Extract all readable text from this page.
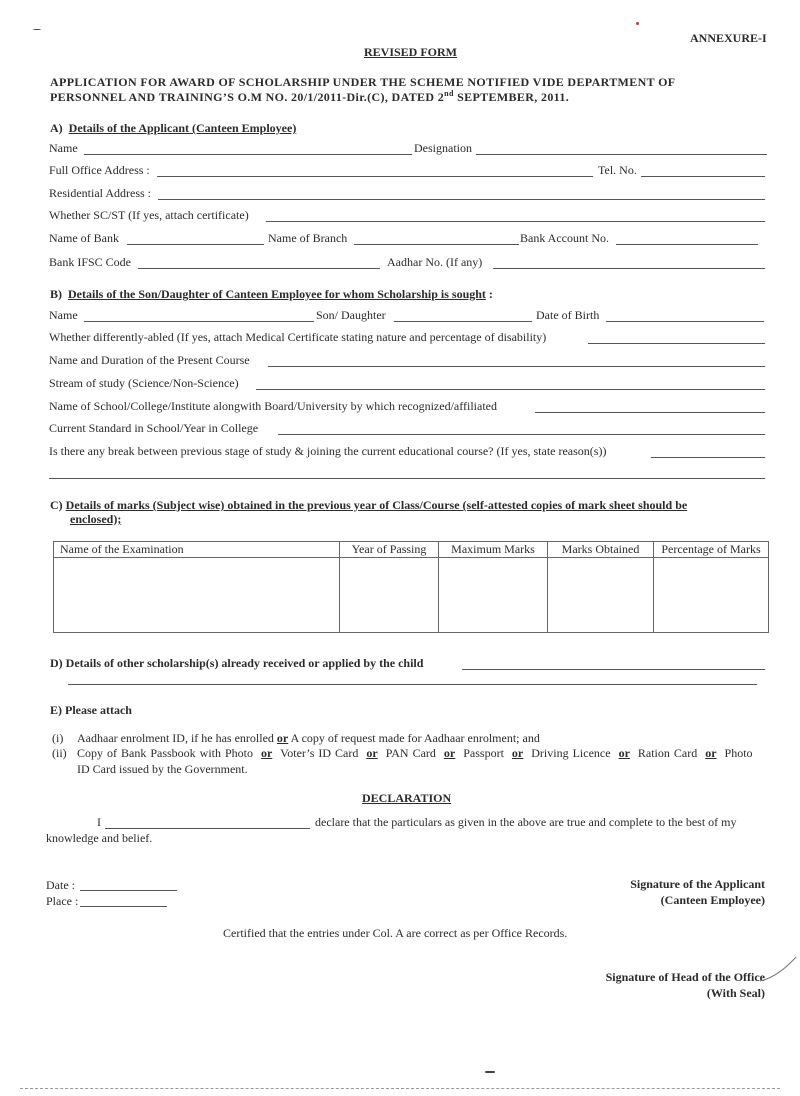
ANNEXURE-I
REVISED FORM
APPLICATION FOR AWARD OF SCHOLARSHIP UNDER THE SCHEME NOTIFIED VIDE DEPARTMENT OF
PERSONNEL AND TRAINING’S O.M NO. 20/1/2011-Dir.(C), DATED 2nd SEPTEMBER, 2011.
A) Details of the Applicant (Canteen Employee)
Name	Designation
Full Office Address :	Tel. No.
Residential Address :
Whether SC/ST (If yes, attach certificate)
Name of Bank	Name of Branch	Bank Account No.
Bank IFSC Code	Aadhar No. (If any)
B) Details of the Son/Daughter of Canteen Employee for whom Scholarship is sought :
Name	Son/ Daughter	Date of Birth
Whether differently-abled (If yes, attach Medical Certificate stating nature and percentage of disability)
Name and Duration of the Present Course
Stream of study (Science/Non-Science)
Name of School/College/Institute alongwith Board/University by which recognized/affiliated
Current Standard in School/Year in College
Is there any break between previous stage of study & joining the current educational course? (If yes, state reason(s))
C) Details of marks (Subject wise) obtained in the previous year of Class/Course (self-attested copies of mark sheet should be
enclosed);
Name of the Examination	Year of Passing	Maximum Marks	Marks Obtained	Percentage of Marks

D) Details of other scholarship(s) already received or applied by the child
E) Please attach
(i) Aadhaar enrolment ID, if he has enrolled or A copy of request made for Aadhaar enrolment; and
(ii) Copy of Bank Passbook with Photo or Voter’s ID Card or PAN Card or Passport or Driving Licence or Ration Card or Photo
ID Card issued by the Government.
DECLARATION
I	declare that the particulars as given in the above are true and complete to the best of my
knowledge and belief.
Date :
Place :
Signature of the Applicant
(Canteen Employee)
Certified that the entries under Col. A are correct as per Office Records.
Signature of Head of the Office
(With Seal)
